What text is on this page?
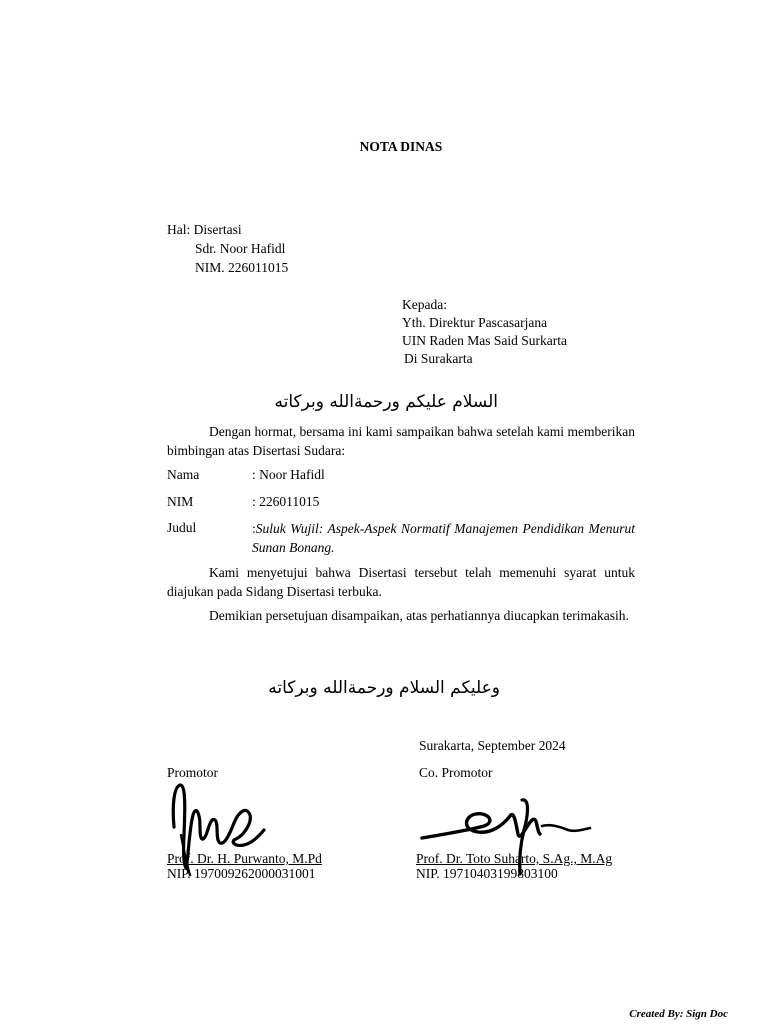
NOTA DINAS
Hal: Disertasi
Sdr. Noor Hafidl
NIM. 226011015
Kepada:
Yth. Direktur Pascasarjana
UIN Raden Mas Said Surkarta
Di Surakarta
السلام عليكم ورحمةالله وبركاته
Dengan hormat, bersama ini kami sampaikan bahwa setelah kami memberikan bimbingan atas Disertasi Sudara:
Nama	: Noor Hafidl
NIM	: 226011015
Judul	:Suluk Wujil: Aspek-Aspek Normatif Manajemen Pendidikan Menurut Sunan Bonang.
Kami menyetujui bahwa Disertasi tersebut telah memenuhi syarat untuk diajukan pada Sidang Disertasi terbuka.
Demikian persetujuan disampaikan, atas perhatiannya diucapkan terimakasih.
وعليكم السلام ورحمةالله وبركاته
Surakarta, September 2024
Promotor	Co. Promotor
Prof. Dr. H. Purwanto, M.Pd
NIP. 197009262000031001
Prof. Dr. Toto Suharto, S.Ag., M.Ag
NIP. 19710403199803100
Created By: Sign Doc
